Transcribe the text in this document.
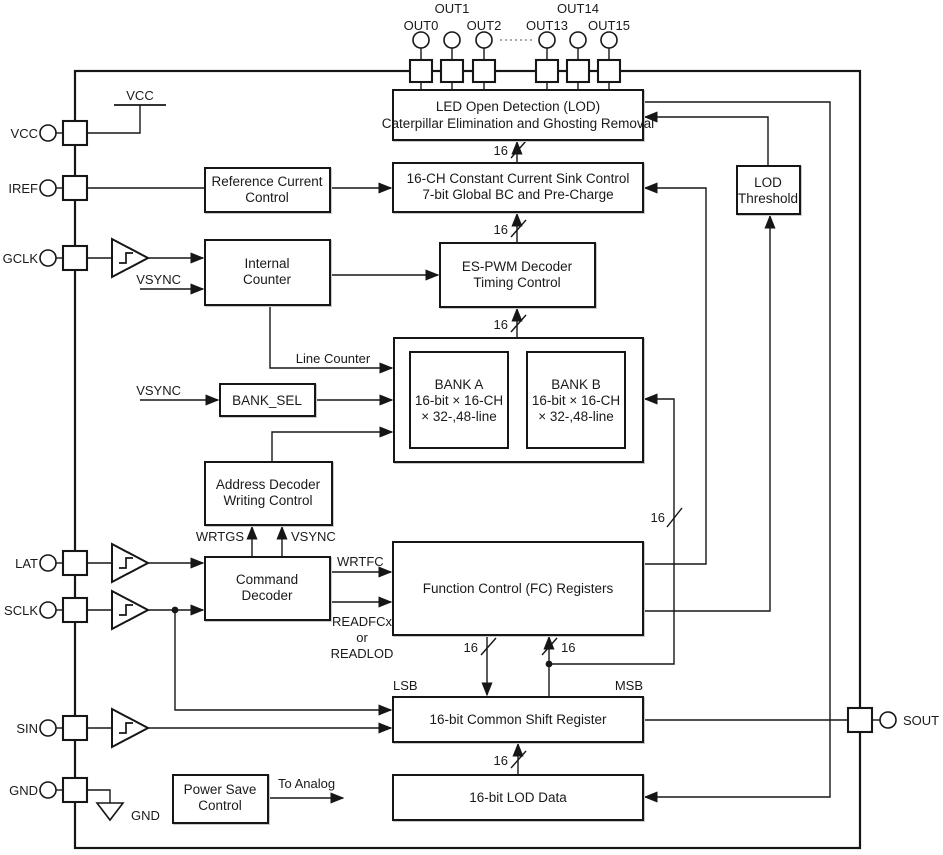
OUT0
OUT1
OUT2 OUT13
OUT14
OUT15
VCC
IREF
GCLK
LAT
SCLK
SIN
GND
SOUT
VCC
GND
16
16
16
16
16	16
16
VSYNC
Line Counter
VSYNC
WRTGS	VSYNC
WRTFC
READFCx
or
READLOD
LSB	MSB
To Analog
LED Open Detection (LOD)
Caterpillar Elimination and Ghosting Removal
Reference Current
Control
16-CH Constant Current Sink Control
7-bit Global BC and Pre-Charge
Internal
Counter
ES-PWM Decoder
Timing Control
BANK A
16-bit × 16-CH
× 32-,48-line
BANK B
16-bit × 16-CH
× 32-,48-line
BANK_SEL
Address Decoder
Writing Control
Command
Decoder	Function Control (FC) Registers
LOD
Threshold
16-bit Common Shift Register
Power Save
Control
16-bit LOD Data
